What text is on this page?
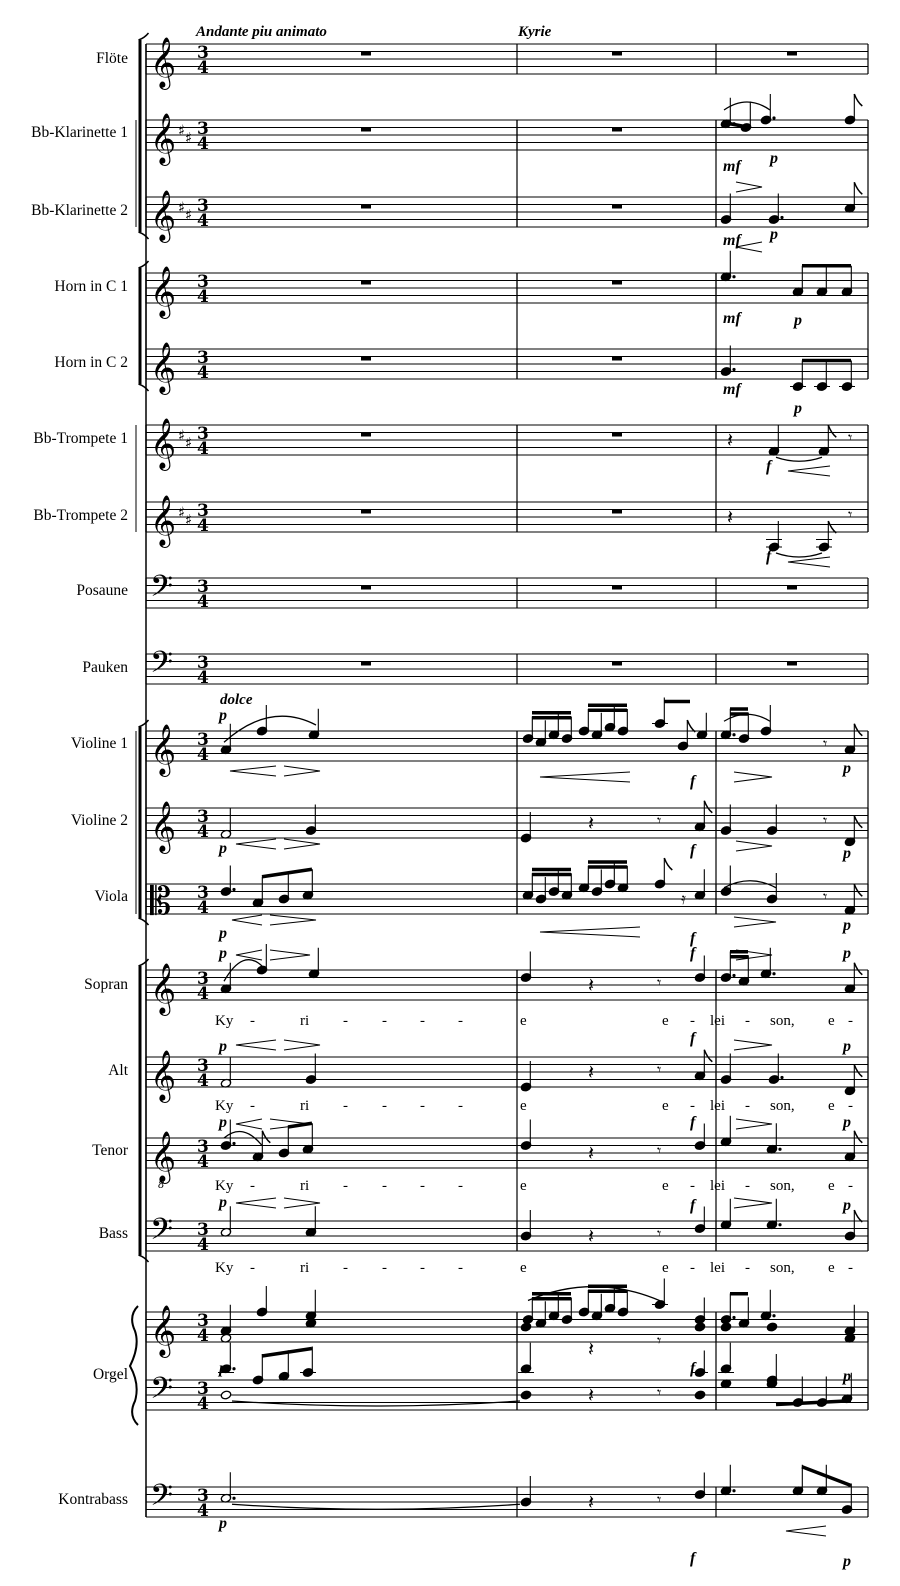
𝄞
𝄞
𝄞
𝄞
𝄞
𝄞
𝄞
𝄢
𝄢
𝄞
𝄞
𝄡
𝄞
𝄞
𝄞
8
𝄢
𝄞
𝄢
𝄢
♯ ♯
♯ ♯
♯ ♯
♯ ♯
3
4
3
4
3
4
3
4
3
4
3
4
3
4
3
4
3
4
3
4
3
4
3
4
3
4
3
4
3
4
3
4
3
4
3
4
3
4
𝄽	𝄾
𝄽	𝄾
𝄾
𝄽	𝄾	𝄾
𝄿	𝄾
𝄽	𝄾
𝄽	𝄾
𝄽	𝄾
𝄽	𝄾
𝄽	𝄾
𝄽	𝄾
𝄽	𝄾
Flöte
Bb-Klarinette 1
Bb-Klarinette 2
Horn in C 1
Horn in C 2
Bb-Trompete 1
Bb-Trompete 2
Posaune
Pauken
Violine 1
Violine 2
Viola
Sopran
Alt
Tenor
Bass
Orgel
Kontrabass
Andante piu animato	Kyrie
dolce
mf p
mf p
mf	p
mf
p
f
f
p
f
p
p	f	p
p	f
p
p	f	p
f
p	p
p	f	p
p	f	p
p	f	p
p
f	p
Ky -	ri - - - -	e	e - lei - son, e -
Ky -	ri - - - -	e	e - lei - son, e -
Ky -	ri - - - -	e	e - lei - son, e -
Ky -	ri - - - -	e	e - lei - son, e -
